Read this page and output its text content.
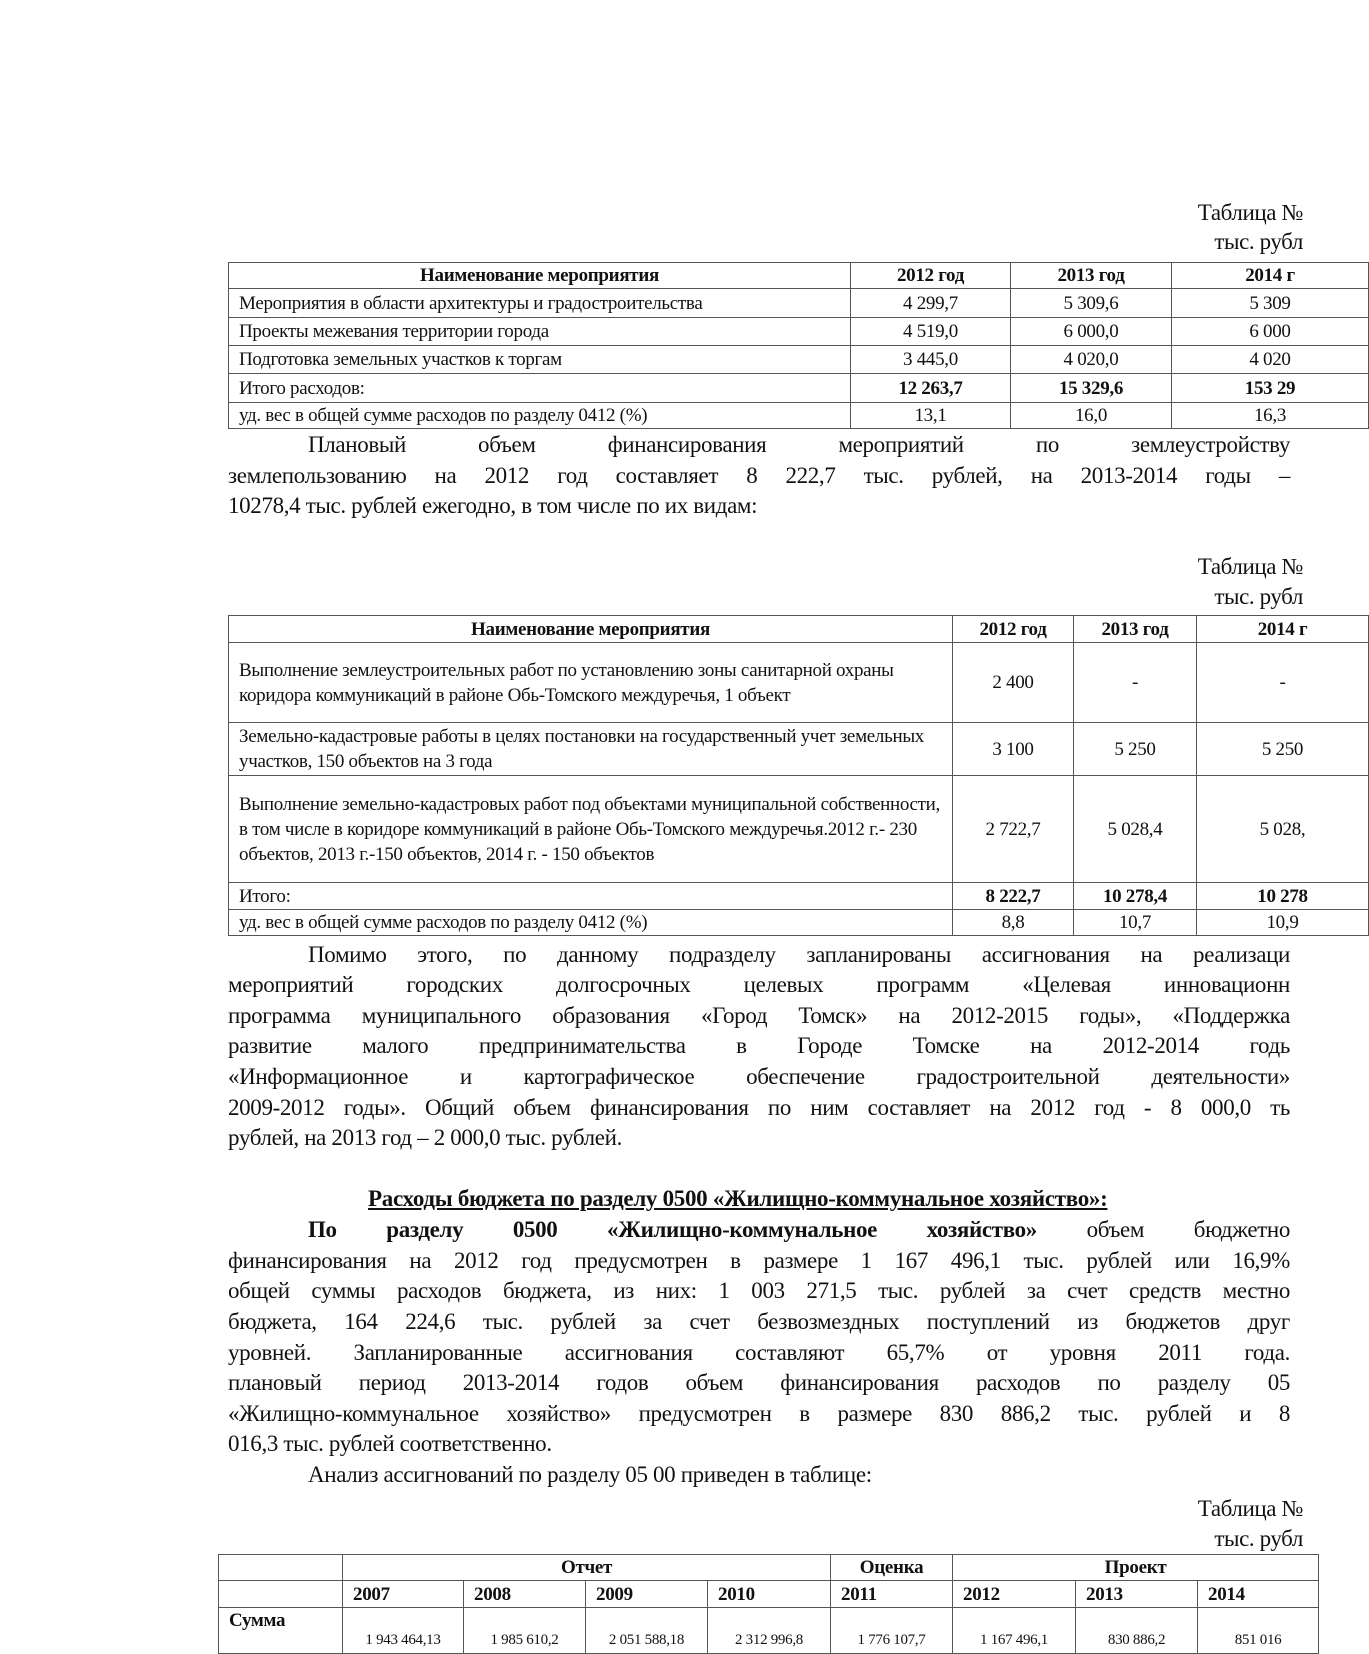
Таблица №
тыс. рубл
Наименование мероприятия	2012 год	2013 год	2014 г
Мероприятия в области архитектуры и градостроительства	4 299,7	5 309,6	5 309
Проекты межевания территории города	4 519,0	6 000,0	6 000
Подготовка земельных участков к торгам	3 445,0	4 020,0	4 020
Итого расходов:	12 263,7	15 329,6	153 29
уд. вес в общей сумме расходов по разделу 0412 (%)	13,1	16,0	16,3
Плановый объем финансирования мероприятий по землеустройству
землепользованию на 2012 год составляет 8 222,7 тыс. рублей, на 2013-2014 годы –
10278,4 тыс. рублей ежегодно, в том числе по их видам:
Таблица №
тыс. рубл
Наименование мероприятия	2012 год	2013 год	2014 г
Выполнение землеустроительных работ по установлению зоны санитарной охраны коридора коммуникаций в районе Обь-Томского междуречья, 1 объект	2 400	-	-
Земельно-кадастровые работы в целях постановки на государственный учет земельных участков, 150 объектов на 3 года	3 100	5 250	5 250
Выполнение земельно-кадастровых работ под объектами муниципальной собственности, в том числе в коридоре коммуникаций в районе Обь-Томского междуречья.2012 г.- 230 объектов, 2013 г.-150 объектов, 2014 г. - 150 объектов	2 722,7	5 028,4	5 028,
Итого:	8 222,7	10 278,4	10 278
уд. вес в общей сумме расходов по разделу 0412 (%)	8,8	10,7	10,9
Помимо этого, по данному подразделу запланированы ассигнования на реализаци
мероприятий городских долгосрочных целевых программ «Целевая инновационн
программа муниципального образования «Город Томск» на 2012-2015 годы», «Поддержка
развитие малого предпринимательства в Городе Томске на 2012-2014 годь
«Информационное и картографическое обеспечение градостроительной деятельности»
2009-2012 годы». Общий объем финансирования по ним составляет на 2012 год - 8 000,0 ть
рублей, на 2013 год – 2 000,0 тыс. рублей.
Расходы бюджета по разделу 0500 «Жилищно-коммунальное хозяйство»:
По разделу 0500 «Жилищно-коммунальное хозяйство» объем бюджетно
финансирования на 2012 год предусмотрен в размере 1 167 496,1 тыс. рублей или 16,9%
общей суммы расходов бюджета, из них: 1 003 271,5 тыс. рублей за счет средств местно
бюджета, 164 224,6 тыс. рублей за счет безвозмездных поступлений из бюджетов друг
уровней. Запланированные ассигнования составляют 65,7% от уровня 2011 года.
плановый период 2013-2014 годов объем финансирования расходов по разделу 05
«Жилищно-коммунальное хозяйство» предусмотрен в размере 830 886,2 тыс. рублей и 8
016,3 тыс. рублей соответственно.
Анализ ассигнований по разделу 05 00 приведен в таблице:
Таблица №
тыс. рубл
	Отчет				Оценка	Проект		
	2007	2008	2009	2010	2011	2012	2013	2014
Сумма	1 943 464,13	1 985 610,2	2 051 588,18	2 312 996,8	1 776 107,7	1 167 496,1	830 886,2	851 016
